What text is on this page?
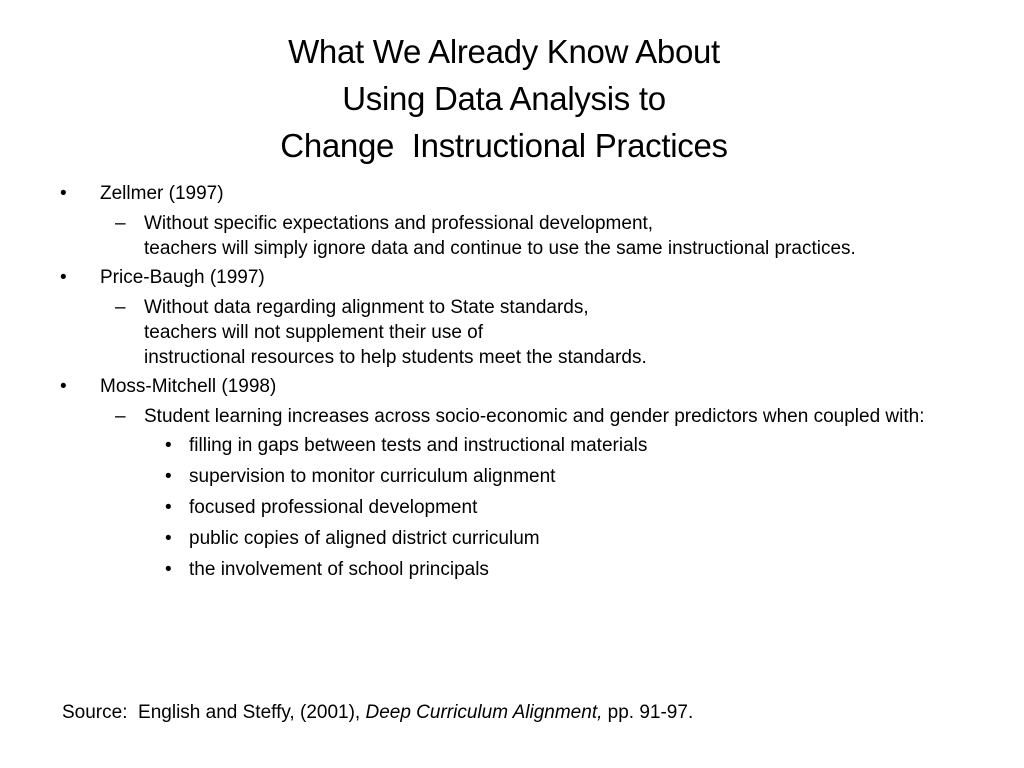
What We Already Know About
Using Data Analysis to
Change  Instructional Practices
•	Zellmer (1997)
– Without specific expectations and professional development,
teachers will simply ignore data and continue to use the same instructional practices.
•	Price-Baugh (1997)
– Without data regarding alignment to State standards,
teachers will not supplement their use of
instructional resources to help students meet the standards.
•	Moss-Mitchell (1998)
– Student learning increases across socio-economic and gender predictors when coupled with:
• filling in gaps between tests and instructional materials
• supervision to monitor curriculum alignment
• focused professional development
• public copies of aligned district curriculum
• the involvement of school principals
Source:  English and Steffy, (2001), Deep Curriculum Alignment, pp. 91-97.
